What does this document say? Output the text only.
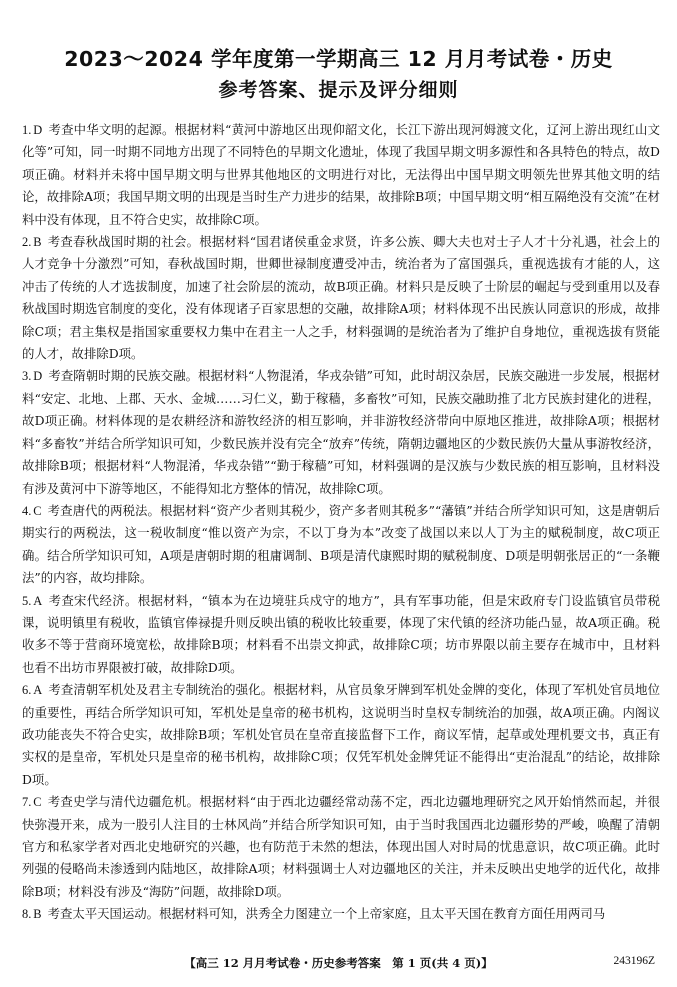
2023～2024 学年度第一学期高三 12 月月考试卷・历史
参考答案、提示及评分细则

1. D 考查中华文明的起源。根据材料“黄河中游地区出现仰韶文化，长江下游出现河姆渡文化，辽河上游出现红山文化等”可知，同一时期不同地方出现了不同特色的早期文化遗址，体现了我国早期文明多源性和各具特色的特点，故D项正确。材料并未将中国早期文明与世界其他地区的文明进行对比，无法得出中国早期文明领先世界其他文明的结论，故排除A项；我国早期文明的出现是当时生产力进步的结果，故排除B项；中国早期文明“相互隔绝没有交流”在材料中没有体现，且不符合史实，故排除C项。

2. B 考查春秋战国时期的社会。根据材料“国君诸侯重金求贤，许多公族、卿大夫也对士子人才十分礼遇，社会上的人才竞争十分激烈”可知，春秋战国时期，世卿世禄制度遭受冲击，统治者为了富国强兵，重视选拔有才能的人，这冲击了传统的人才选拔制度，加速了社会阶层的流动，故B项正确。材料只是反映了士阶层的崛起与受到重用以及春秋战国时期选官制度的变化，没有体现诸子百家思想的交融，故排除A项；材料体现不出民族认同意识的形成，故排除C项；君主集权是指国家重要权力集中在君主一人之手，材料强调的是统治者为了维护自身地位，重视选拔有贤能的人才，故排除D项。

3. D 考查隋朝时期的民族交融。根据材料“人物混淆，华戎杂错”可知，此时胡汉杂居，民族交融进一步发展，根据材料“安定、北地、上郡、天水、金城……习仁义，勤于稼穑，多畜牧”可知，民族交融助推了北方民族封建化的进程，故D项正确。材料体现的是农耕经济和游牧经济的相互影响，并非游牧经济带向中原地区推进，故排除A项；根据材料“多畜牧”并结合所学知识可知，少数民族并没有完全“放弃”传统，隋朝边疆地区的少数民族仍大量从事游牧经济，故排除B项；根据材料“人物混淆，华戎杂错”“勤于稼穑”可知，材料强调的是汉族与少数民族的相互影响，且材料没有涉及黄河中下游等地区，不能得知北方整体的情况，故排除C项。

4. C 考查唐代的两税法。根据材料“资产少者则其税少，资产多者则其税多”“藩镇”并结合所学知识可知，这是唐朝后期实行的两税法，这一税收制度“惟以资产为宗，不以丁身为本”改变了战国以来以人丁为主的赋税制度，故C项正确。结合所学知识可知，A项是唐朝时期的租庸调制、B项是清代康熙时期的赋税制度、D项是明朝张居正的“一条鞭法”的内容，故均排除。

5. A 考查宋代经济。根据材料，“镇本为在边境驻兵戍守的地方”，具有军事功能，但是宋政府专门设监镇官员带税课，说明镇里有税收，监镇官俸禄提升则反映出镇的税收比较重要，体现了宋代镇的经济功能凸显，故A项正确。税收多不等于营商环境宽松，故排除B项；材料看不出崇文抑武，故排除C项；坊市界限以前主要存在城市中，且材料也看不出坊市界限被打破，故排除D项。

6. A 考查清朝军机处及君主专制统治的强化。根据材料，从官员象牙牌到军机处金牌的变化，体现了军机处官员地位的重要性，再结合所学知识可知，军机处是皇帝的秘书机构，这说明当时皇权专制统治的加强，故A项正确。内阁议政功能丧失不符合史实，故排除B项；军机处官员在皇帝直接监督下工作，商议军情，起草或处理机要文书，真正有实权的是皇帝，军机处只是皇帝的秘书机构，故排除C项；仅凭军机处金牌凭证不能得出“吏治混乱”的结论，故排除D项。

7. C 考查史学与清代边疆危机。根据材料“由于西北边疆经常动荡不定，西北边疆地理研究之风开始悄然而起，并很快弥漫开来，成为一股引人注目的士林风尚”并结合所学知识可知，由于当时我国西北边疆形势的严峻，唤醒了清朝官方和私家学者对西北史地研究的兴趣，也有防范于未然的想法，体现出国人对时局的忧患意识，故C项正确。此时列强的侵略尚未渗透到内陆地区，故排除A项；材料强调士人对边疆地区的关注，并未反映出史地学的近代化，故排除B项；材料没有涉及“海防”问题，故排除D项。

8. B 考查太平天国运动。根据材料可知，洪秀全力图建立一个上帝家庭，且太平天国在教育方面任用两司马

【高三 12 月月考试卷・历史参考答案　第 1 页(共 4 页)】	243196Z
